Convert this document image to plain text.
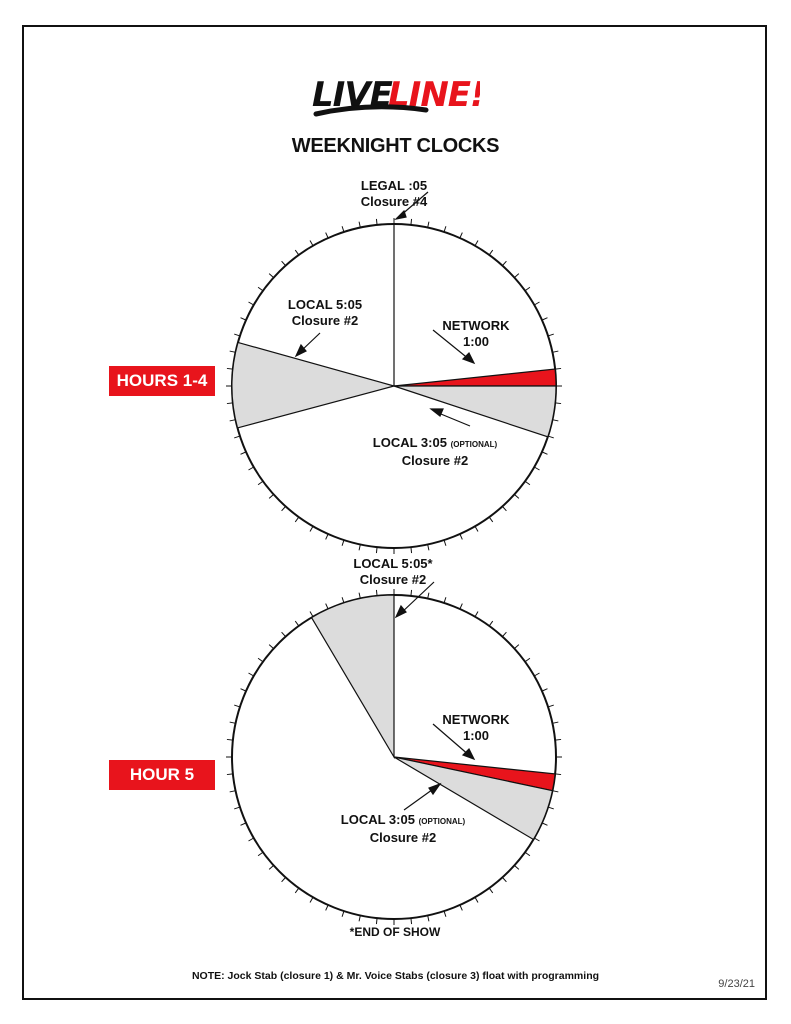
LIVE
LINE!
WEEKNIGHT CLOCKS
HOURS 1-4
LEGAL :05
Closure #4
LOCAL 5:05
Closure #2	NETWORK
1:00
LOCAL 3:05 (OPTIONAL)
Closure #2
HOUR 5
LOCAL 5:05*
Closure #2
NETWORK
1:00
LOCAL 3:05 (OPTIONAL)
Closure #2
*END OF SHOW
NOTE: Jock Stab (closure 1) & Mr. Voice Stabs (closure 3) float with programming
9/23/21
